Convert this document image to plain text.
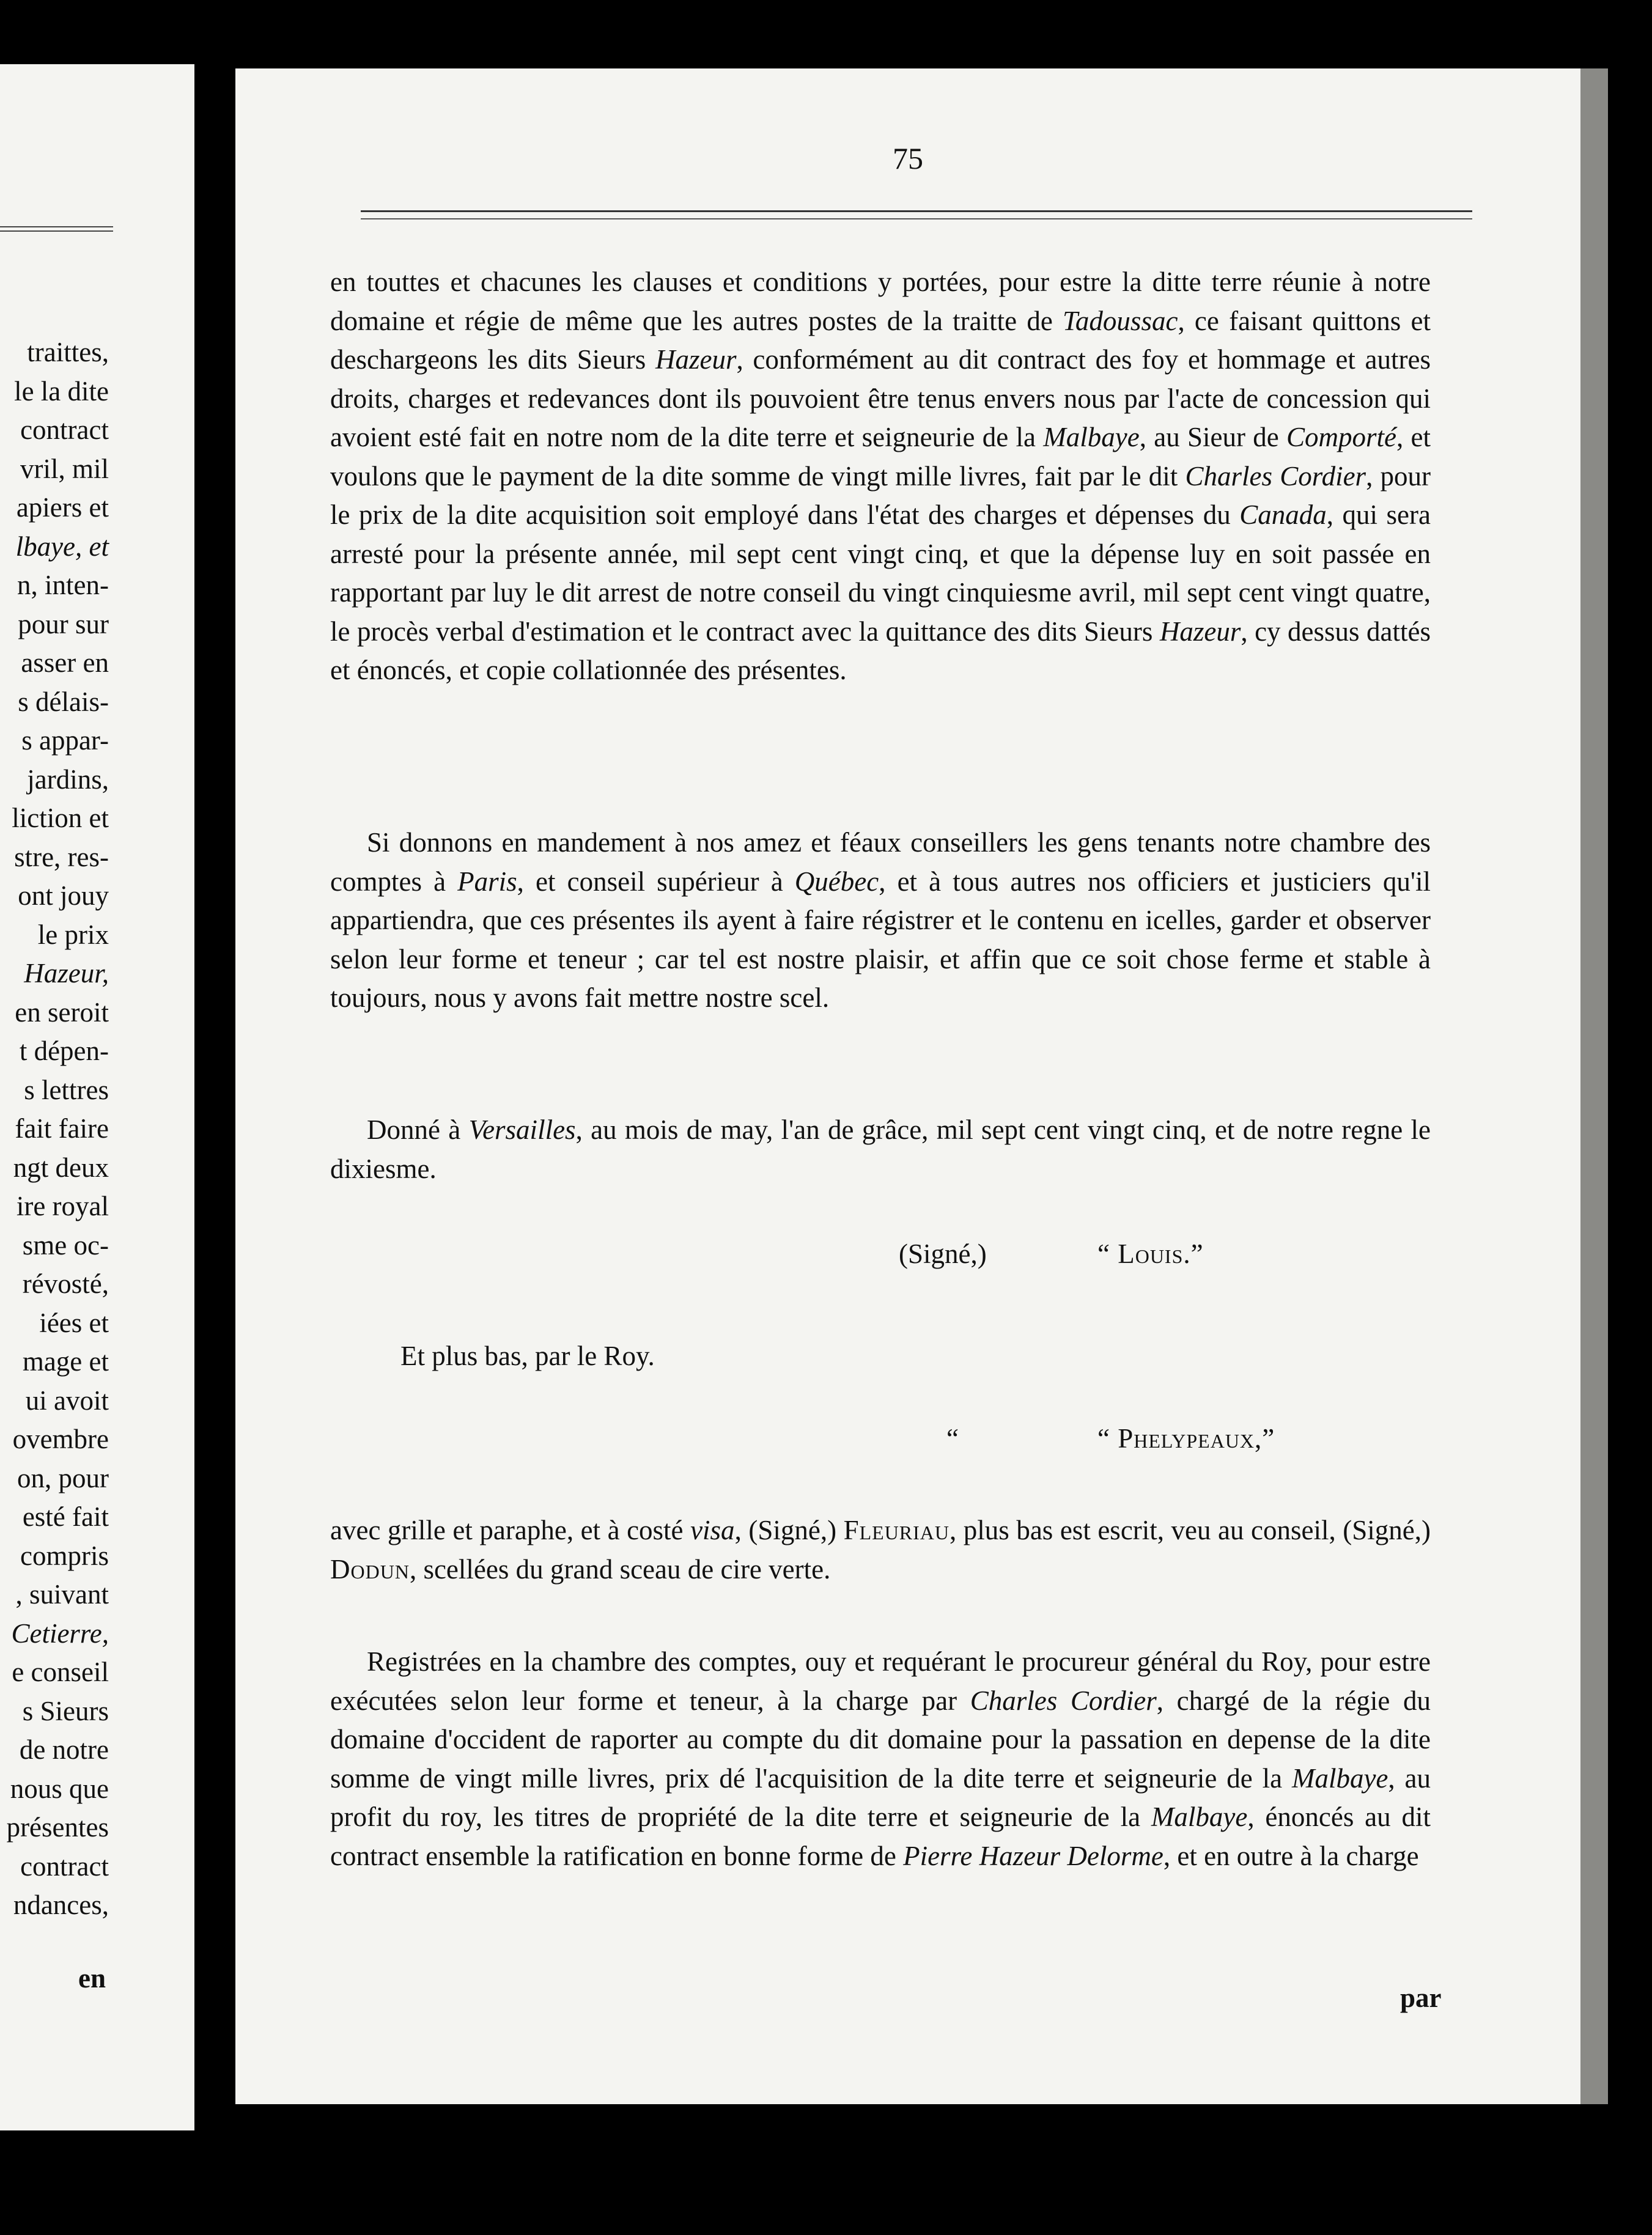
traittes,
le la dite
contract
vril, mil
apiers et
lbaye, et
n, inten-
pour sur
asser en
s délais-
s appar-
jardins,
liction et
stre, res-
ont jouy
le prix
Hazeur,
en seroit
t dépen-
s lettres
fait faire
ngt deux
ire royal
sme oc-
révosté,
iées et
mage et
ui avoit
ovembre
on, pour
esté fait
compris
, suivant
Cetierre,
e conseil
s Sieurs
de notre
nous que
présentes
contract
ndances,
en
75

en touttes et chacunes les clauses et conditions y portées, pour estre la ditte terre réunie à notre domaine et régie de même que les autres postes de la traitte de Tadoussac, ce faisant quittons et deschargeons les dits Sieurs Hazeur, conformément au dit contract des foy et hommage et autres droits, charges et redevances dont ils pouvoient être tenus envers nous par l'acte de concession qui avoient esté fait en notre nom de la dite terre et seigneurie de la Malbaye, au Sieur de Comporté, et voulons que le payment de la dite somme de vingt mille livres, fait par le dit Charles Cordier, pour le prix de la dite acquisition soit employé dans l'état des charges et dépenses du Canada, qui sera arresté pour la présente année, mil sept cent vingt cinq, et que la dépense luy en soit passée en rapportant par luy le dit arrest de notre conseil du vingt cinquiesme avril, mil sept cent vingt quatre, le procès verbal d'estimation et le contract avec la quittance des dits Sieurs Hazeur, cy dessus dattés et énoncés, et copie collationnée des présentes.

Si donnons en mandement à nos amez et féaux conseillers les gens tenants notre chambre des comptes à Paris, et conseil supérieur à Québec, et à tous autres nos officiers et justiciers qu'il appartiendra, que ces présentes ils ayent à faire régistrer et le contenu en icelles, garder et observer selon leur forme et teneur ; car tel est nostre plaisir, et affin que ce soit chose ferme et stable à toujours, nous y avons fait mettre nostre scel.

Donné à Versailles, au mois de may, l'an de grâce, mil sept cent vingt cinq, et de notre regne le dixiesme.

(Signé,)	“ Louis.”
Et plus bas, par le Roy.
“	“ Phelypeaux,”

avec grille et paraphe, et à costé visa, (Signé,) Fleuriau, plus bas est escrit, veu au conseil, (Signé,) Dodun, scellées du grand sceau de cire verte.

Registrées en la chambre des comptes, ouy et requérant le procureur général du Roy, pour estre exécutées selon leur forme et teneur, à la charge par Charles Cordier, chargé de la régie du domaine d'occident de raporter au compte du dit domaine pour la passation en depense de la dite somme de vingt mille livres, prix dé l'acquisition de la dite terre et seigneurie de la Malbaye, au profit du roy, les titres de propriété de la dite terre et seigneurie de la Malbaye, énoncés au dit contract ensemble la ratification en bonne forme de Pierre Hazeur Delorme, et en outre à la charge

par
